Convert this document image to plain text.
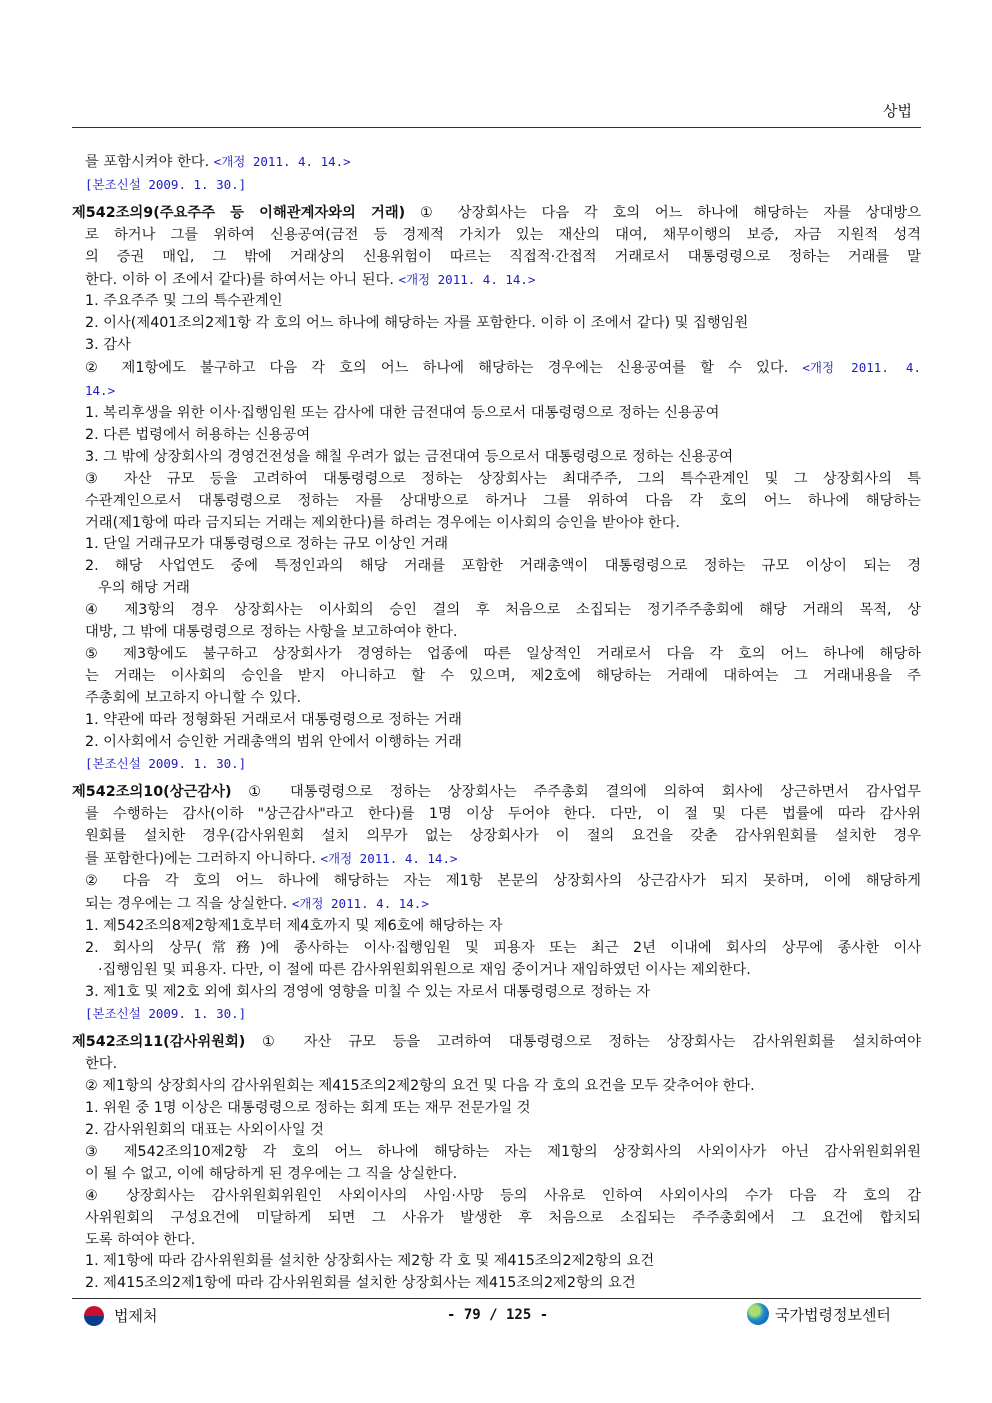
상법
를 포함시켜야 한다. <개정 2011. 4. 14.>
[본조신설 2009. 1. 30.]
제542조의9(주요주주 등 이해관계자와의 거래) ① 상장회사는 다음 각 호의 어느 하나에 해당하는 자를 상대방으
로 하거나 그를 위하여 신용공여(금전 등 경제적 가치가 있는 재산의 대여, 채무이행의 보증, 자금 지원적 성격
의 증권 매입, 그 밖에 거래상의 신용위험이 따르는 직접적·간접적 거래로서 대통령령으로 정하는 거래를 말
한다. 이하 이 조에서 같다)를 하여서는 아니 된다. <개정 2011. 4. 14.>
1. 주요주주 및 그의 특수관계인
2. 이사(제401조의2제1항 각 호의 어느 하나에 해당하는 자를 포함한다. 이하 이 조에서 같다) 및 집행임원
3. 감사
② 제1항에도 불구하고 다음 각 호의 어느 하나에 해당하는 경우에는 신용공여를 할 수 있다. <개정 2011. 4.
14.>
1. 복리후생을 위한 이사·집행임원 또는 감사에 대한 금전대여 등으로서 대통령령으로 정하는 신용공여
2. 다른 법령에서 허용하는 신용공여
3. 그 밖에 상장회사의 경영건전성을 해칠 우려가 없는 금전대여 등으로서 대통령령으로 정하는 신용공여
③ 자산 규모 등을 고려하여 대통령령으로 정하는 상장회사는 최대주주, 그의 특수관계인 및 그 상장회사의 특
수관계인으로서 대통령령으로 정하는 자를 상대방으로 하거나 그를 위하여 다음 각 호의 어느 하나에 해당하는
거래(제1항에 따라 금지되는 거래는 제외한다)를 하려는 경우에는 이사회의 승인을 받아야 한다.
1. 단일 거래규모가 대통령령으로 정하는 규모 이상인 거래
2. 해당 사업연도 중에 특정인과의 해당 거래를 포함한 거래총액이 대통령령으로 정하는 규모 이상이 되는 경
우의 해당 거래
④ 제3항의 경우 상장회사는 이사회의 승인 결의 후 처음으로 소집되는 정기주주총회에 해당 거래의 목적, 상
대방, 그 밖에 대통령령으로 정하는 사항을 보고하여야 한다.
⑤ 제3항에도 불구하고 상장회사가 경영하는 업종에 따른 일상적인 거래로서 다음 각 호의 어느 하나에 해당하
는 거래는 이사회의 승인을 받지 아니하고 할 수 있으며, 제2호에 해당하는 거래에 대하여는 그 거래내용을 주
주총회에 보고하지 아니할 수 있다.
1. 약관에 따라 정형화된 거래로서 대통령령으로 정하는 거래
2. 이사회에서 승인한 거래총액의 범위 안에서 이행하는 거래
[본조신설 2009. 1. 30.]
제542조의10(상근감사) ① 대통령령으로 정하는 상장회사는 주주총회 결의에 의하여 회사에 상근하면서 감사업무
를 수행하는 감사(이하 "상근감사"라고 한다)를 1명 이상 두어야 한다. 다만, 이 절 및 다른 법률에 따라 감사위
원회를 설치한 경우(감사위원회 설치 의무가 없는 상장회사가 이 절의 요건을 갖춘 감사위원회를 설치한 경우
를 포함한다)에는 그러하지 아니하다. <개정 2011. 4. 14.>
② 다음 각 호의 어느 하나에 해당하는 자는 제1항 본문의 상장회사의 상근감사가 되지 못하며, 이에 해당하게
되는 경우에는 그 직을 상실한다. <개정 2011. 4. 14.>
1. 제542조의8제2항제1호부터 제4호까지 및 제6호에 해당하는 자
2. 회사의 상무(常務)에 종사하는 이사·집행임원 및 피용자 또는 최근 2년 이내에 회사의 상무에 종사한 이사
·집행임원 및 피용자. 다만, 이 절에 따른 감사위원회위원으로 재임 중이거나 재임하였던 이사는 제외한다.
3. 제1호 및 제2호 외에 회사의 경영에 영향을 미칠 수 있는 자로서 대통령령으로 정하는 자
[본조신설 2009. 1. 30.]
제542조의11(감사위원회) ① 자산 규모 등을 고려하여 대통령령으로 정하는 상장회사는 감사위원회를 설치하여야
한다.
② 제1항의 상장회사의 감사위원회는 제415조의2제2항의 요건 및 다음 각 호의 요건을 모두 갖추어야 한다.
1. 위원 중 1명 이상은 대통령령으로 정하는 회계 또는 재무 전문가일 것
2. 감사위원회의 대표는 사외이사일 것
③ 제542조의10제2항 각 호의 어느 하나에 해당하는 자는 제1항의 상장회사의 사외이사가 아닌 감사위원회위원
이 될 수 없고, 이에 해당하게 된 경우에는 그 직을 상실한다.
④ 상장회사는 감사위원회위원인 사외이사의 사임·사망 등의 사유로 인하여 사외이사의 수가 다음 각 호의 감
사위원회의 구성요건에 미달하게 되면 그 사유가 발생한 후 처음으로 소집되는 주주총회에서 그 요건에 합치되
도록 하여야 한다.
1. 제1항에 따라 감사위원회를 설치한 상장회사는 제2항 각 호 및 제415조의2제2항의 요건
2. 제415조의2제1항에 따라 감사위원회를 설치한 상장회사는 제415조의2제2항의 요건
법제처	- 79 / 125 -	국가법령정보센터
